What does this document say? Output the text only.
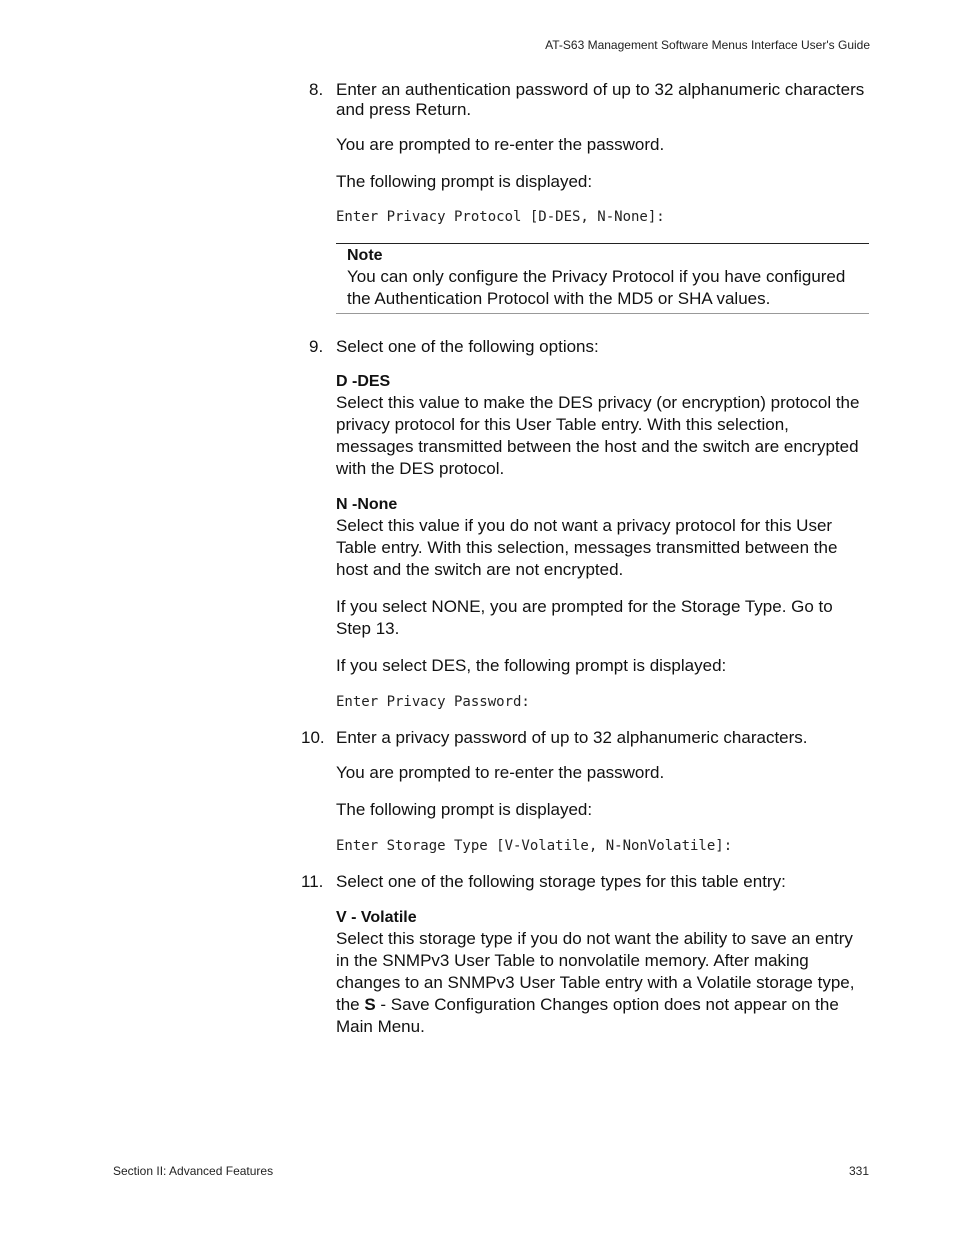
AT-S63 Management Software Menus Interface User's Guide
8. Enter an authentication password of up to 32 alphanumeric characters and press Return.

You are prompted to re-enter the password.

The following prompt is displayed:

Enter Privacy Protocol [D-DES, N-None]:

Note
You can only configure the Privacy Protocol if you have configured the Authentication Protocol with the MD5 or SHA values.
9. Select one of the following options:
D -DES
Select this value to make the DES privacy (or encryption) protocol the privacy protocol for this User Table entry. With this selection, messages transmitted between the host and the switch are encrypted with the DES protocol.
N -None
Select this value if you do not want a privacy protocol for this User Table entry. With this selection, messages transmitted between the host and the switch are not encrypted.

If you select NONE, you are prompted for the Storage Type. Go to Step 13.

If you select DES, the following prompt is displayed:

Enter Privacy Password:

10. Enter a privacy password of up to 32 alphanumeric characters.

You are prompted to re-enter the password.

The following prompt is displayed:

Enter Storage Type [V-Volatile, N-NonVolatile]:

11. Select one of the following storage types for this table entry:
V - Volatile
Select this storage type if you do not want the ability to save an entry in the SNMPv3 User Table to nonvolatile memory. After making changes to an SNMPv3 User Table entry with a Volatile storage type, the S - Save Configuration Changes option does not appear on the Main Menu.
Section II: Advanced Features	331
